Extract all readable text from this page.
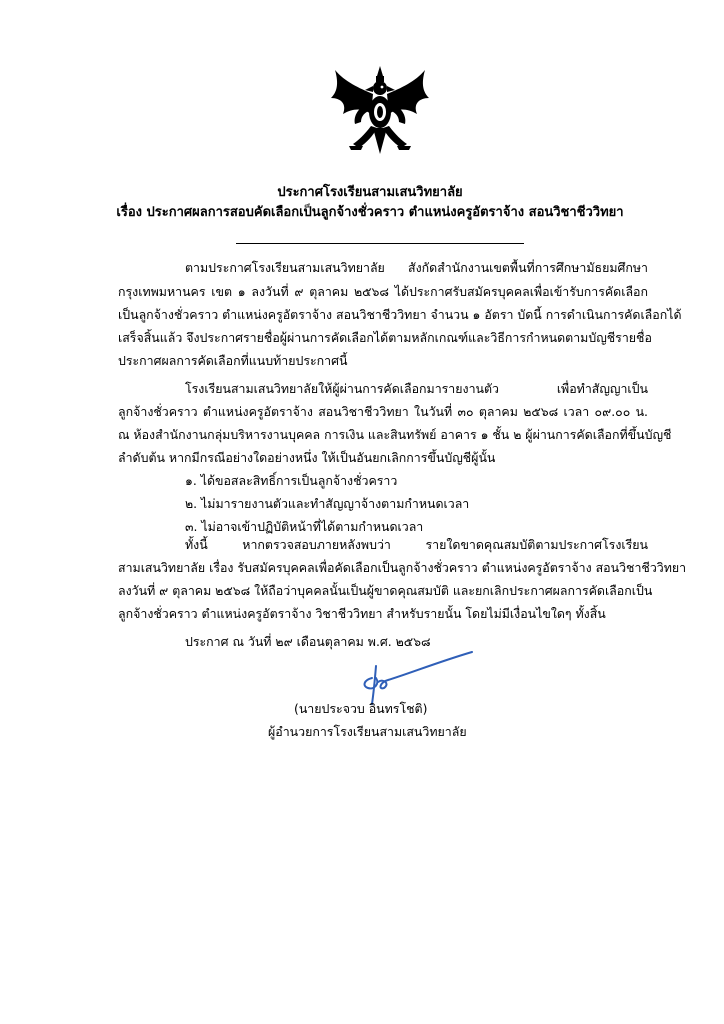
ประกาศโรงเรียนสามเสนวิทยาลัย
เรื่อง ประกาศผลการสอบคัดเลือกเป็นลูกจ้างชั่วคราว ตำแหน่งครูอัตราจ้าง สอนวิชาชีววิทยา
ตามประกาศโรงเรียนสามเสนวิทยาลัย สังกัดสำนักงานเขตพื้นที่การศึกษามัธยมศึกษา
กรุงเทพมหานคร เขต ๑ ลงวันที่ ๙ ตุลาคม ๒๕๖๘ ได้ประกาศรับสมัครบุคคลเพื่อเข้ารับการคัดเลือก
เป็นลูกจ้างชั่วคราว ตำแหน่งครูอัตราจ้าง สอนวิชาชีววิทยา จำนวน ๑ อัตรา บัดนี้ การดำเนินการคัดเลือกได้
เสร็จสิ้นแล้ว จึงประกาศรายชื่อผู้ผ่านการคัดเลือกได้ตามหลักเกณฑ์และวิธีการกำหนดตามบัญชีรายชื่อ
ประกาศผลการคัดเลือกที่แนบท้ายประกาศนี้
โรงเรียนสามเสนวิทยาลัยให้ผู้ผ่านการคัดเลือกมารายงานตัว เพื่อทำสัญญาเป็น
ลูกจ้างชั่วคราว ตำแหน่งครูอัตราจ้าง สอนวิชาชีววิทยา ในวันที่ ๓๐ ตุลาคม ๒๕๖๘ เวลา ๐๙.๐๐ น.
ณ ห้องสำนักงานกลุ่มบริหารงานบุคคล การเงิน และสินทรัพย์ อาคาร ๑ ชั้น ๒ ผู้ผ่านการคัดเลือกที่ขึ้นบัญชี
ลำดับต้น หากมีกรณีอย่างใดอย่างหนึ่ง ให้เป็นอันยกเลิกการขึ้นบัญชีผู้นั้น
๑. ได้ขอสละสิทธิ์การเป็นลูกจ้างชั่วคราว
๒. ไม่มารายงานตัวและทำสัญญาจ้างตามกำหนดเวลา
๓. ไม่อาจเข้าปฏิบัติหน้าที่ได้ตามกำหนดเวลา
ทั้งนี้ หากตรวจสอบภายหลังพบว่า รายใดขาดคุณสมบัติตามประกาศโรงเรียน
สามเสนวิทยาลัย เรื่อง รับสมัครบุคคลเพื่อคัดเลือกเป็นลูกจ้างชั่วคราว ตำแหน่งครูอัตราจ้าง สอนวิชาชีววิทยา
ลงวันที่ ๙ ตุลาคม ๒๕๖๘ ให้ถือว่าบุคคลนั้นเป็นผู้ขาดคุณสมบัติ และยกเลิกประกาศผลการคัดเลือกเป็น
ลูกจ้างชั่วคราว ตำแหน่งครูอัตราจ้าง วิชาชีววิทยา สำหรับรายนั้น โดยไม่มีเงื่อนไขใดๆ ทั้งสิ้น
ประกาศ ณ วันที่ ๒๙ เดือนตุลาคม พ.ศ. ๒๕๖๘
(นายประจวบ อินทรโชติ)
ผู้อำนวยการโรงเรียนสามเสนวิทยาลัย
